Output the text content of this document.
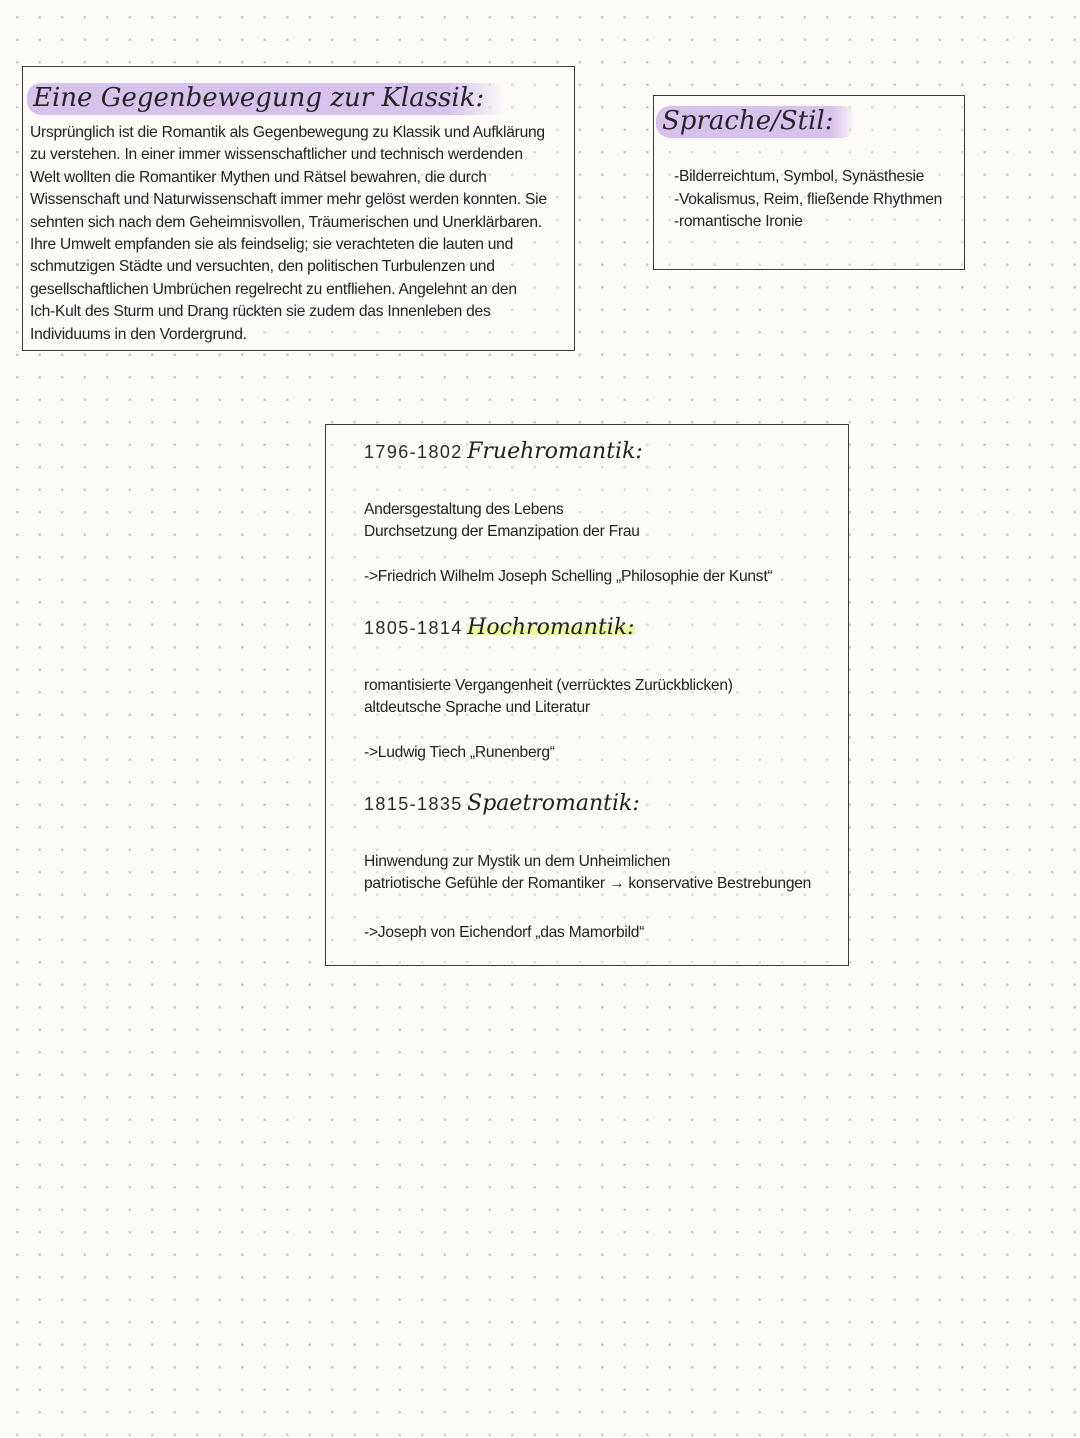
Eine Gegenbewegung zur Klassik:
Ursprünglich ist die Romantik als Gegenbewegung zu Klassik und Aufklärung
zu verstehen. In einer immer wissenschaftlicher und technisch werdenden
Welt wollten die Romantiker Mythen und Rätsel bewahren, die durch
Wissenschaft und Naturwissenschaft immer mehr gelöst werden konnten. Sie
sehnten sich nach dem Geheimnisvollen, Träumerischen und Unerklärbaren.
Ihre Umwelt empfanden sie als feindselig; sie verachteten die lauten und
schmutzigen Städte und versuchten, den politischen Turbulenzen und
gesellschaftlichen Umbrüchen regelrecht zu entfliehen. Angelehnt an den
Ich-Kult des Sturm und Drang rückten sie zudem das Innenleben des
Individuums in den Vordergrund.
Sprache/Stil:
-Bilderreichtum, Symbol, Synästhesie
-Vokalismus, Reim, fließende Rhythmen
-romantische Ironie
1796-1802 Fruehromantik:
Andersgestaltung des Lebens
Durchsetzung der Emanzipation der Frau
->Friedrich Wilhelm Joseph Schelling „Philosophie der Kunst“
1805-1814 Hochromantik:
romantisierte Vergangenheit (verrücktes Zurückblicken)
altdeutsche Sprache und Literatur
->Ludwig Tiech „Runenberg“
1815-1835 Spaetromantik:
Hinwendung zur Mystik un dem Unheimlichen
patriotische Gefühle der Romantiker → konservative Bestrebungen
->Joseph von Eichendorf „das Mamorbild“
